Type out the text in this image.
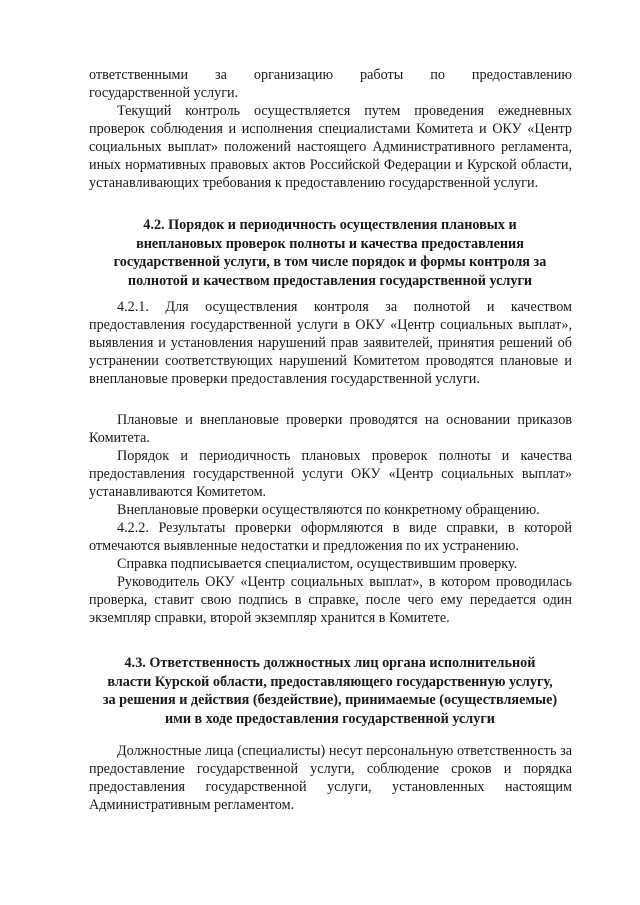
ответственными за организацию работы по предоставлению
государственной услуги.
Текущий контроль осуществляется путем проведения ежедневных проверок соблюдения и исполнения специалистами Комитета и ОКУ «Центр социальных выплат» положений настоящего Административного регламента, иных нормативных правовых актов Российской Федерации и Курской области, устанавливающих требования к предоставлению государственной услуги.
4.2. Порядок и периодичность осуществления плановых и
внеплановых проверок полноты и качества предоставления
государственной услуги, в том числе порядок и формы контроля за
полнотой и качеством предоставления государственной услуги
4.2.1. Для осуществления контроля за полнотой и качеством предоставления государственной услуги в ОКУ «Центр социальных выплат», выявления и установления нарушений прав заявителей, принятия решений об устранении соответствующих нарушений Комитетом проводятся плановые и внеплановые проверки предоставления государственной услуги.
Плановые и внеплановые проверки проводятся на основании приказов Комитета.
Порядок и периодичность плановых проверок полноты и качества предоставления государственной услуги ОКУ «Центр социальных выплат» устанавливаются Комитетом.
Внеплановые проверки осуществляются по конкретному обращению.
4.2.2. Результаты проверки оформляются в виде справки, в которой отмечаются выявленные недостатки и предложения по их устранению.
Справка подписывается специалистом, осуществившим проверку.
Руководитель ОКУ «Центр социальных выплат», в котором проводилась проверка, ставит свою подпись в справке, после чего ему передается один экземпляр справки, второй экземпляр хранится в Комитете.
4.3. Ответственность должностных лиц органа исполнительной
власти Курской области, предоставляющего государственную услугу,
за решения и действия (бездействие), принимаемые (осуществляемые)
ими в ходе предоставления государственной услуги
Должностные лица (специалисты) несут персональную ответственность за предоставление государственной услуги, соблюдение сроков и порядка предоставления государственной услуги, установленных настоящим Административным регламентом.
